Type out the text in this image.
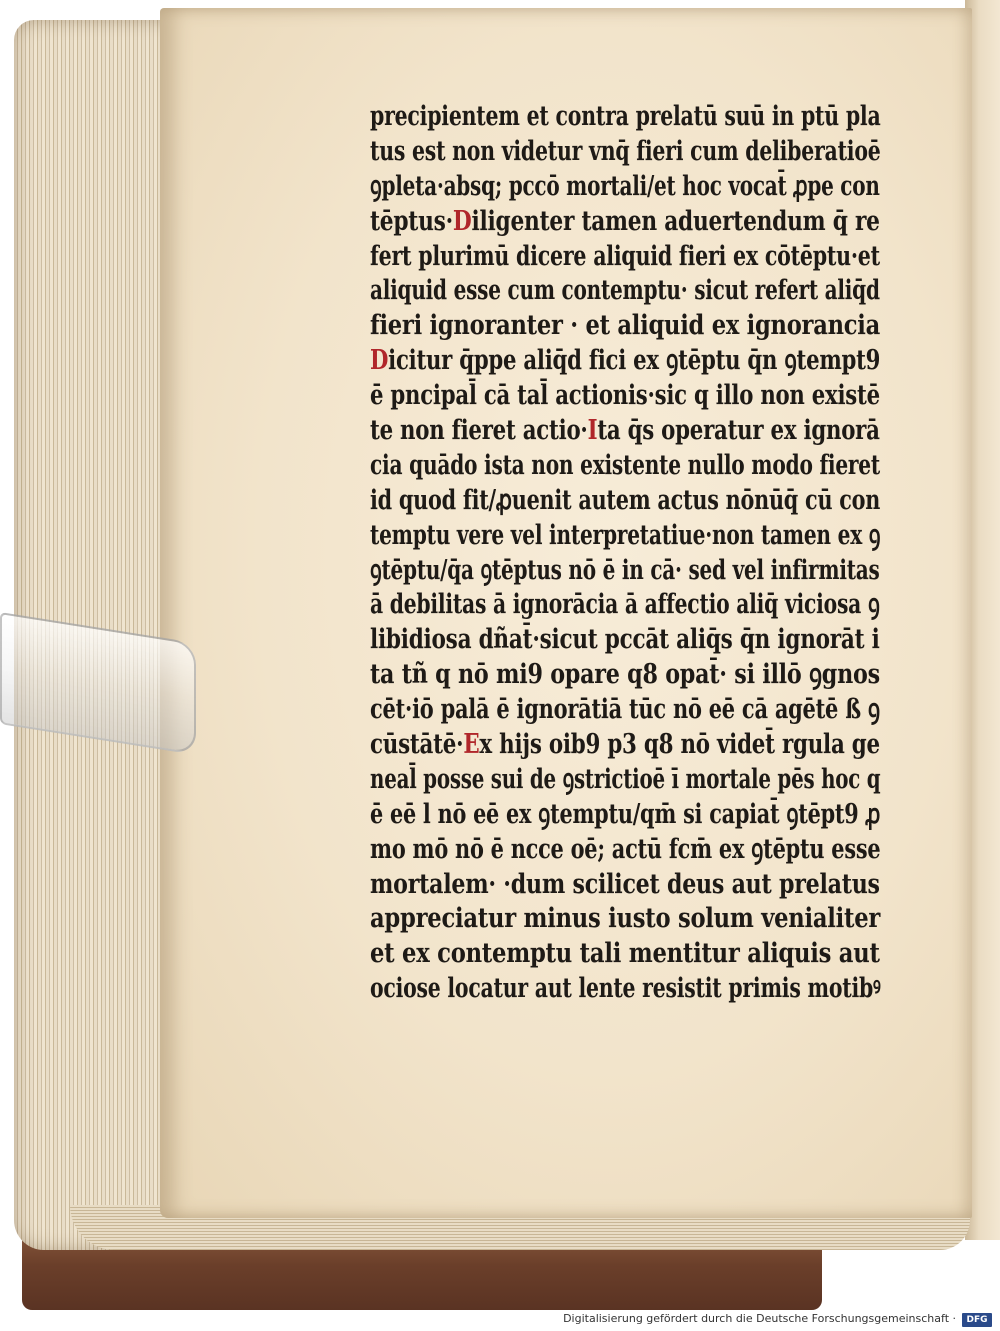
precipientem et contra prelatū suū in ptū pla
tus est non videtur vnq̄ fieri cum deliberatioē
ꝯpleta·absq; pccō mortali/et hoc vocat̄ ꝓpe con
tēptus·Diligenter tamen aduertendum q̄ re
fert plurimū dicere aliquid fieri ex cōtēptu·et
aliquid esse cum contemptu· sicut refert aliq̄d
fieri ignoranter · et aliquid ex ignorancia
Dicitur q̄ppe aliq̄d fici ex ꝯtēptu q̄n ꝯtempt9
ē pncipal̄ cā tal̄ actionis·sic q illo non existē
te non fieret actio·Ita q̄s operatur ex ignorā
cia quādo ista non existente nullo modo fieret
id quod fit/ꝓuenit autem actus nōnūq̄ cū con
temptu vere vel interpretatiue·non tamen ex ꝯ
ꝯtēptu/q̄a ꝯtēptus nō ē in cā· sed vel infirmitas
ā debilitas ā ignorācia ā affectio aliq̄ viciosa ꝯ
libidiosa dñat̄·sicut pccāt aliq̄s q̄n ignorāt i
ta tñ q nō mi9 opare q8 opat̄· si illō ꝯgnos
cēt·iō palā ē ignorātiā tūc nō eē cā agētē ß ꝯ
cūstātē·Ex hijs oib9 p3 q8 nō videt̄ rgula ge
neal̄ posse sui de ꝯstrictioē ī mortale pēs hoc q
ē eē l nō eē ex ꝯtemptu/qm̄ si capiat̄ ꝯtēpt9 ꝓ
mo mō nō ē ncce oē; actū fcm̄ ex ꝯtēptu esse
mortalem· ·dum scilicet deus aut prelatus
appreciatur minus iusto solum venialiter
et ex contemptu tali mentitur aliquis aut
ociose locatur aut lente resistit primis motibꝰ
Digitalisierung gefördert durch die Deutsche Forschungsgemeinschaft ·	DFG
